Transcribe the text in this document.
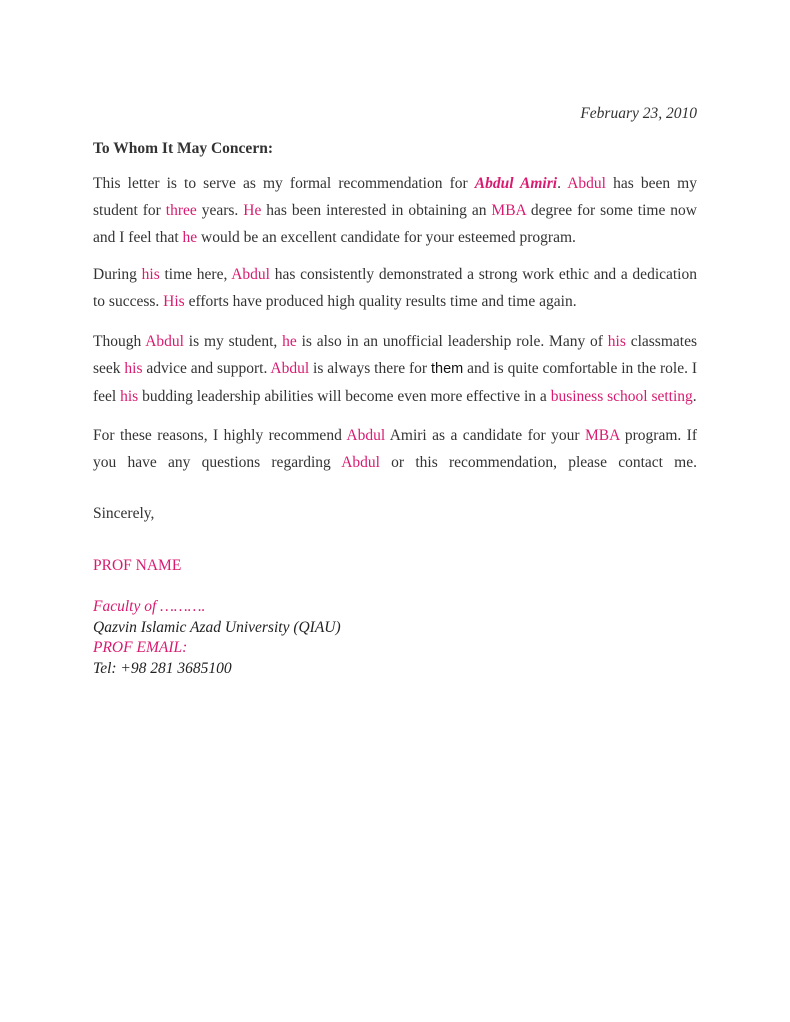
February 23, 2010
To Whom It May Concern:
This letter is to serve as my formal recommendation for Abdul Amiri. Abdul has been my student for three years. He has been interested in obtaining an MBA degree for some time now and I feel that he would be an excellent candidate for your esteemed program.
During his time here, Abdul has consistently demonstrated a strong work ethic and a dedication to success. His efforts have produced high quality results time and time again.
Though Abdul is my student, he is also in an unofficial leadership role. Many of his classmates seek his advice and support. Abdul is always there for them and is quite comfortable in the role. I feel his budding leadership abilities will become even more effective in a business school setting.
For these reasons, I highly recommend Abdul Amiri as a candidate for your MBA program. If you have any questions regarding Abdul or this recommendation, please contact me.
Sincerely,
PROF NAME
Faculty of ……….
Qazvin Islamic Azad University (QIAU)
PROF EMAIL:
Tel: +98 281 3685100
